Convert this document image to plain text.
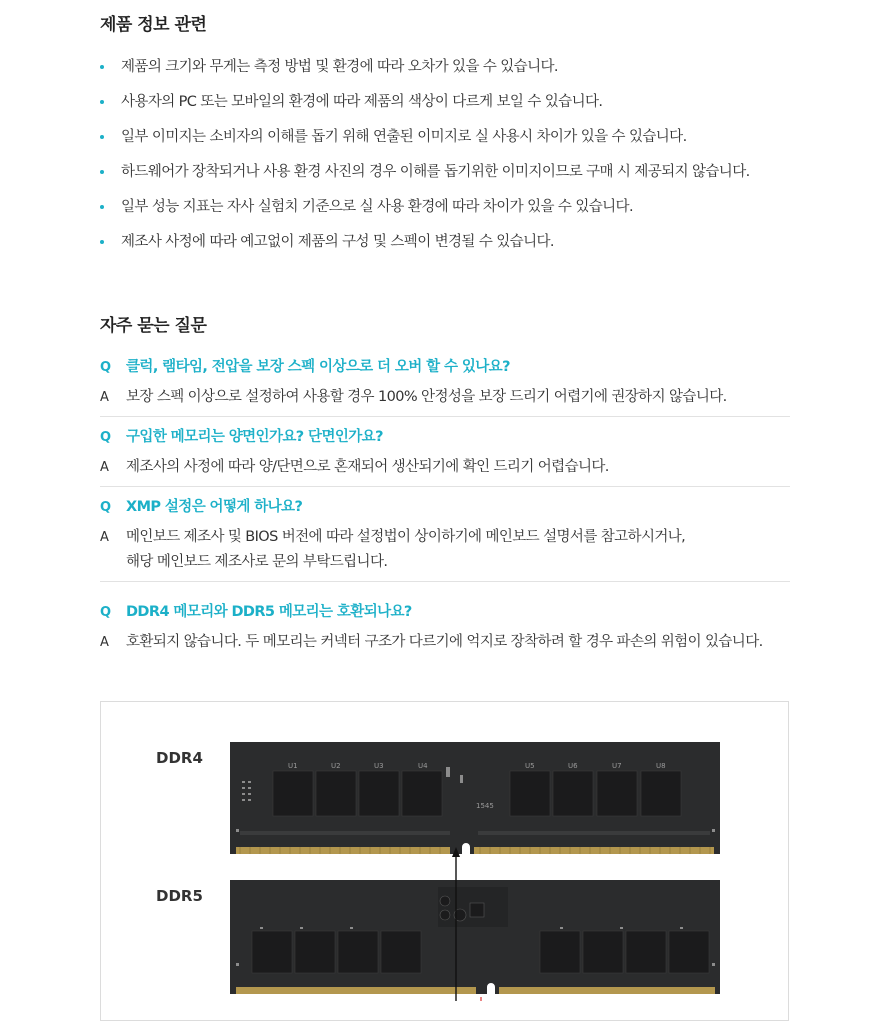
제품 정보 관련
제품의 크기와 무게는 측정 방법 및 환경에 따라 오차가 있을 수 있습니다.
사용자의 PC 또는 모바일의 환경에 따라 제품의 색상이 다르게 보일 수 있습니다.
일부 이미지는 소비자의 이해를 돕기 위해 연출된 이미지로 실 사용시 차이가 있을 수 있습니다.
하드웨어가 장착되거나 사용 환경 사진의 경우 이해를 돕기위한 이미지이므로 구매 시 제공되지 않습니다.
일부 성능 지표는 자사 실험치 기준으로 실 사용 환경에 따라 차이가 있을 수 있습니다.
제조사 사정에 따라 예고없이 제품의 구성 및 스펙이 변경될 수 있습니다.
자주 묻는 질문
Q 클럭, 램타임, 전압을 보장 스펙 이상으로 더 오버 할 수 있나요?
A 보장 스펙 이상으로 설정하여 사용할 경우 100% 안정성을 보장 드리기 어렵기에 권장하지 않습니다.
Q 구입한 메모리는 양면인가요? 단면인가요?
A 제조사의 사정에 따라 양/단면으로 혼재되어 생산되기에 확인 드리기 어렵습니다.
Q XMP 설정은 어떻게 하나요?
A 메인보드 제조사 및 BIOS 버전에 따라 설정법이 상이하기에 메인보드 설명서를 참고하시거나,
해당 메인보드 제조사로 문의 부탁드립니다.
Q DDR4 메모리와 DDR5 메모리는 호환되나요?
A 호환되지 않습니다. 두 메모리는 커넥터 구조가 다르기에 억지로 장착하려 할 경우 파손의 위험이 있습니다.
DDR4
DDR5
U1	U2	U3	U4	U5	U6	U7	U8
1545
